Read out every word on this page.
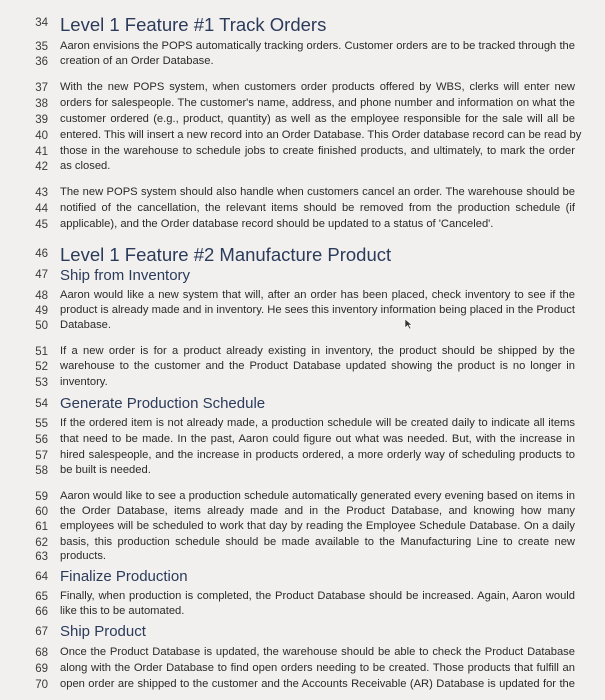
34 Level 1 Feature #1 Track Orders
35 Aaron envisions the POPS automatically tracking orders. Customer orders are to be tracked through the
36 creation of an Order Database.
37 With the new POPS system, when customers order products offered by WBS, clerks will enter new
38 orders for salespeople. The customer's name, address, and phone number and information on what the
39 customer ordered (e.g., product, quantity) as well as the employee responsible for the sale will all be
40 entered. This will insert a new record into an Order Database. This Order database record can be read by
41 those in the warehouse to schedule jobs to create finished products, and ultimately, to mark the order
42 as closed.
43 The new POPS system should also handle when customers cancel an order. The warehouse should be
44 notified of the cancellation, the relevant items should be removed from the production schedule (if
45 applicable), and the Order database record should be updated to a status of 'Canceled'.
46 Level 1 Feature #2 Manufacture Product
47 Ship from Inventory
48 Aaron would like a new system that will, after an order has been placed, check inventory to see if the
49 product is already made and in inventory. He sees this inventory information being placed in the Product
50 Database.
51 If a new order is for a product already existing in inventory, the product should be shipped by the
52 warehouse to the customer and the Product Database updated showing the product is no longer in
53 inventory.
54 Generate Production Schedule
55 If the ordered item is not already made, a production schedule will be created daily to indicate all items
56 that need to be made. In the past, Aaron could figure out what was needed. But, with the increase in
57 hired salespeople, and the increase in products ordered, a more orderly way of scheduling products to
58 be built is needed.
59 Aaron would like to see a production schedule automatically generated every evening based on items in
60 the Order Database, items already made and in the Product Database, and knowing how many
61 employees will be scheduled to work that day by reading the Employee Schedule Database. On a daily
62 basis, this production schedule should be made available to the Manufacturing Line to create new
63 products.
64 Finalize Production
65 Finally, when production is completed, the Product Database should be increased. Again, Aaron would
66 like this to be automated.
67 Ship Product
68 Once the Product Database is updated, the warehouse should be able to check the Product Database
69 along with the Order Database to find open orders needing to be created. Those products that fulfill an
70 open order are shipped to the customer and the Accounts Receivable (AR) Database is updated for the
